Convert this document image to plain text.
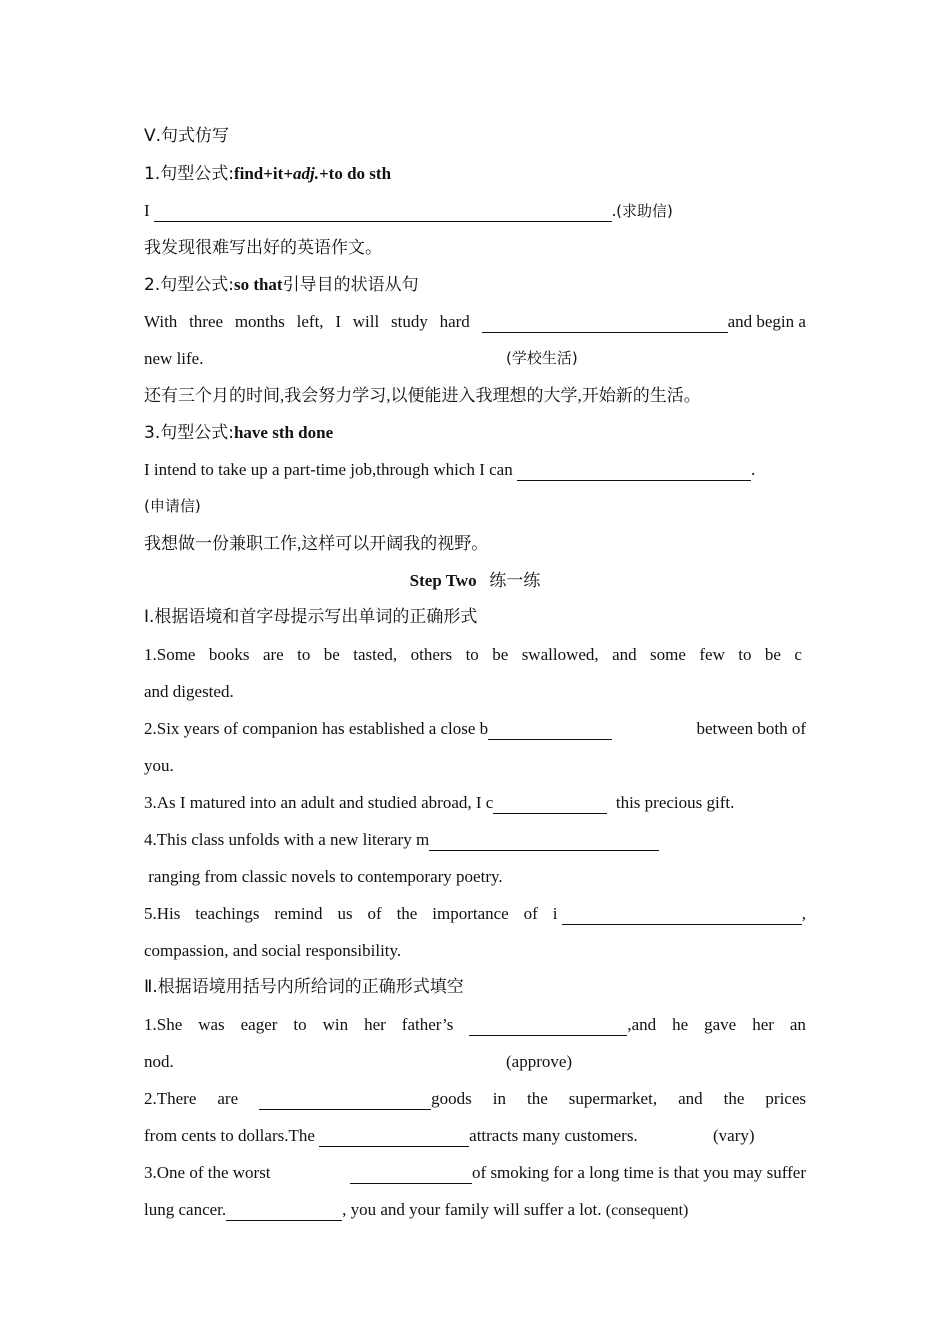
Ⅴ.句式仿写
1.句型公式:find+it+adj.+to do sth
I	.(求助信)
我发现很难写出好的英语作文。
2.句型公式:so that引导目的状语从句
With three months left, I will study hard	and begin a
new life.	(学校生活)
还有三个月的时间,我会努力学习,以便能进入我理想的大学,开始新的生活。
3.句型公式:have sth done
I intend to take up a part-time job,through which I can	.
(申请信)
我想做一份兼职工作,这样可以开阔我的视野。
Step Two 练一练
Ⅰ.根据语境和首字母提示写出单词的正确形式
1.Some books are to be tasted, others to be swallowed, and some few to be c
and digested.
2.Six years of companion has established a close b	between both of
you.
3.As I matured into an adult and studied abroad, I c	this precious gift.
4.This class unfolds with a new literary m
ranging from classic novels to contemporary poetry.
5.His teachings remind us of the importance of i	,
compassion, and social responsibility.
Ⅱ.根据语境用括号内所给词的正确形式填空
1.She was eager to win her father’s	,and he gave her an
nod.	(approve)
2.There are	goods in the supermarket, and the prices
from cents to dollars.The	attracts many customers.	(vary)
3.One of the worst	of smoking for a long time is that you may suffer
lung cancer.	, you and your family will suffer a lot. (consequent)
